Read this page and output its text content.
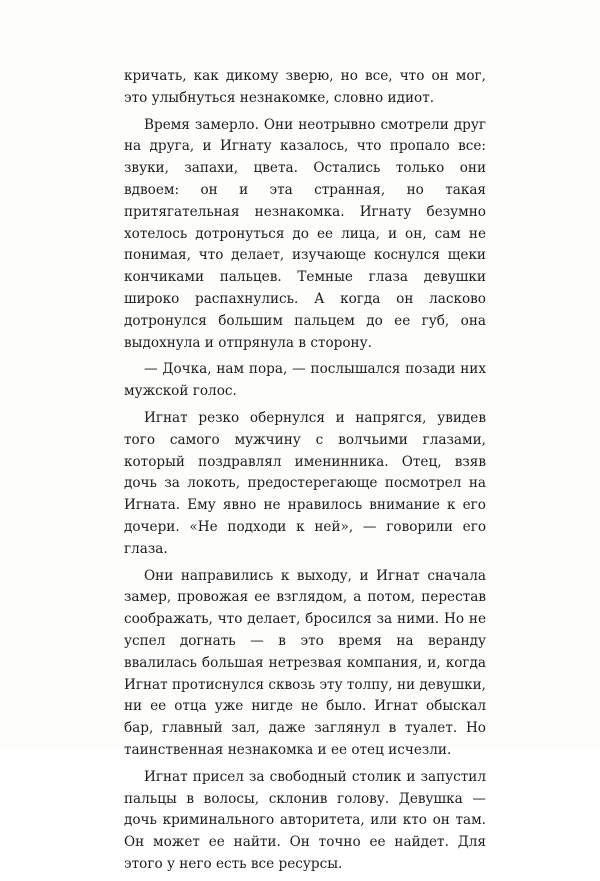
кричать, как дикому зверю, но все, что он мог, это улыбнуться незнакомке, словно идиот.

Время замерло. Они неотрывно смотрели друг на друга, и Игнату казалось, что пропало все: звуки, запахи, цвета. Остались только они вдвоем: он и эта странная, но такая притягательная незнакомка. Игнату безумно хотелось дотронуться до ее лица, и он, сам не понимая, что делает, изучающе коснулся щеки кончиками пальцев. Темные глаза девушки широко распахнулись. А когда он ласково дотронулся большим пальцем до ее губ, она выдохнула и отпрянула в сторону.

— Дочка, нам пора, — послышался позади них мужской голос.

Игнат резко обернулся и напрягся, увидев того самого мужчину с волчьими глазами, который поздравлял именинника. Отец, взяв дочь за локоть, предостерегающе посмотрел на Игната. Ему явно не нравилось внимание к его дочери. «Не подходи к ней», — говорили его глаза.

Они направились к выходу, и Игнат сначала замер, провожая ее взглядом, а потом, перестав соображать, что делает, бросился за ними. Но не успел догнать — в это время на веранду ввалилась большая нетрезвая компания, и, когда Игнат протиснулся сквозь эту толпу, ни девушки, ни ее отца уже нигде не было. Игнат обыскал бар, главный зал, даже заглянул в туалет. Но таинственная незнакомка и ее отец исчезли.

Игнат присел за свободный столик и запустил пальцы в волосы, склонив голову. Девушка — дочь криминального авторитета, или кто он там. Он может ее найти. Он точно ее найдет. Для этого у него есть все ресурсы.
